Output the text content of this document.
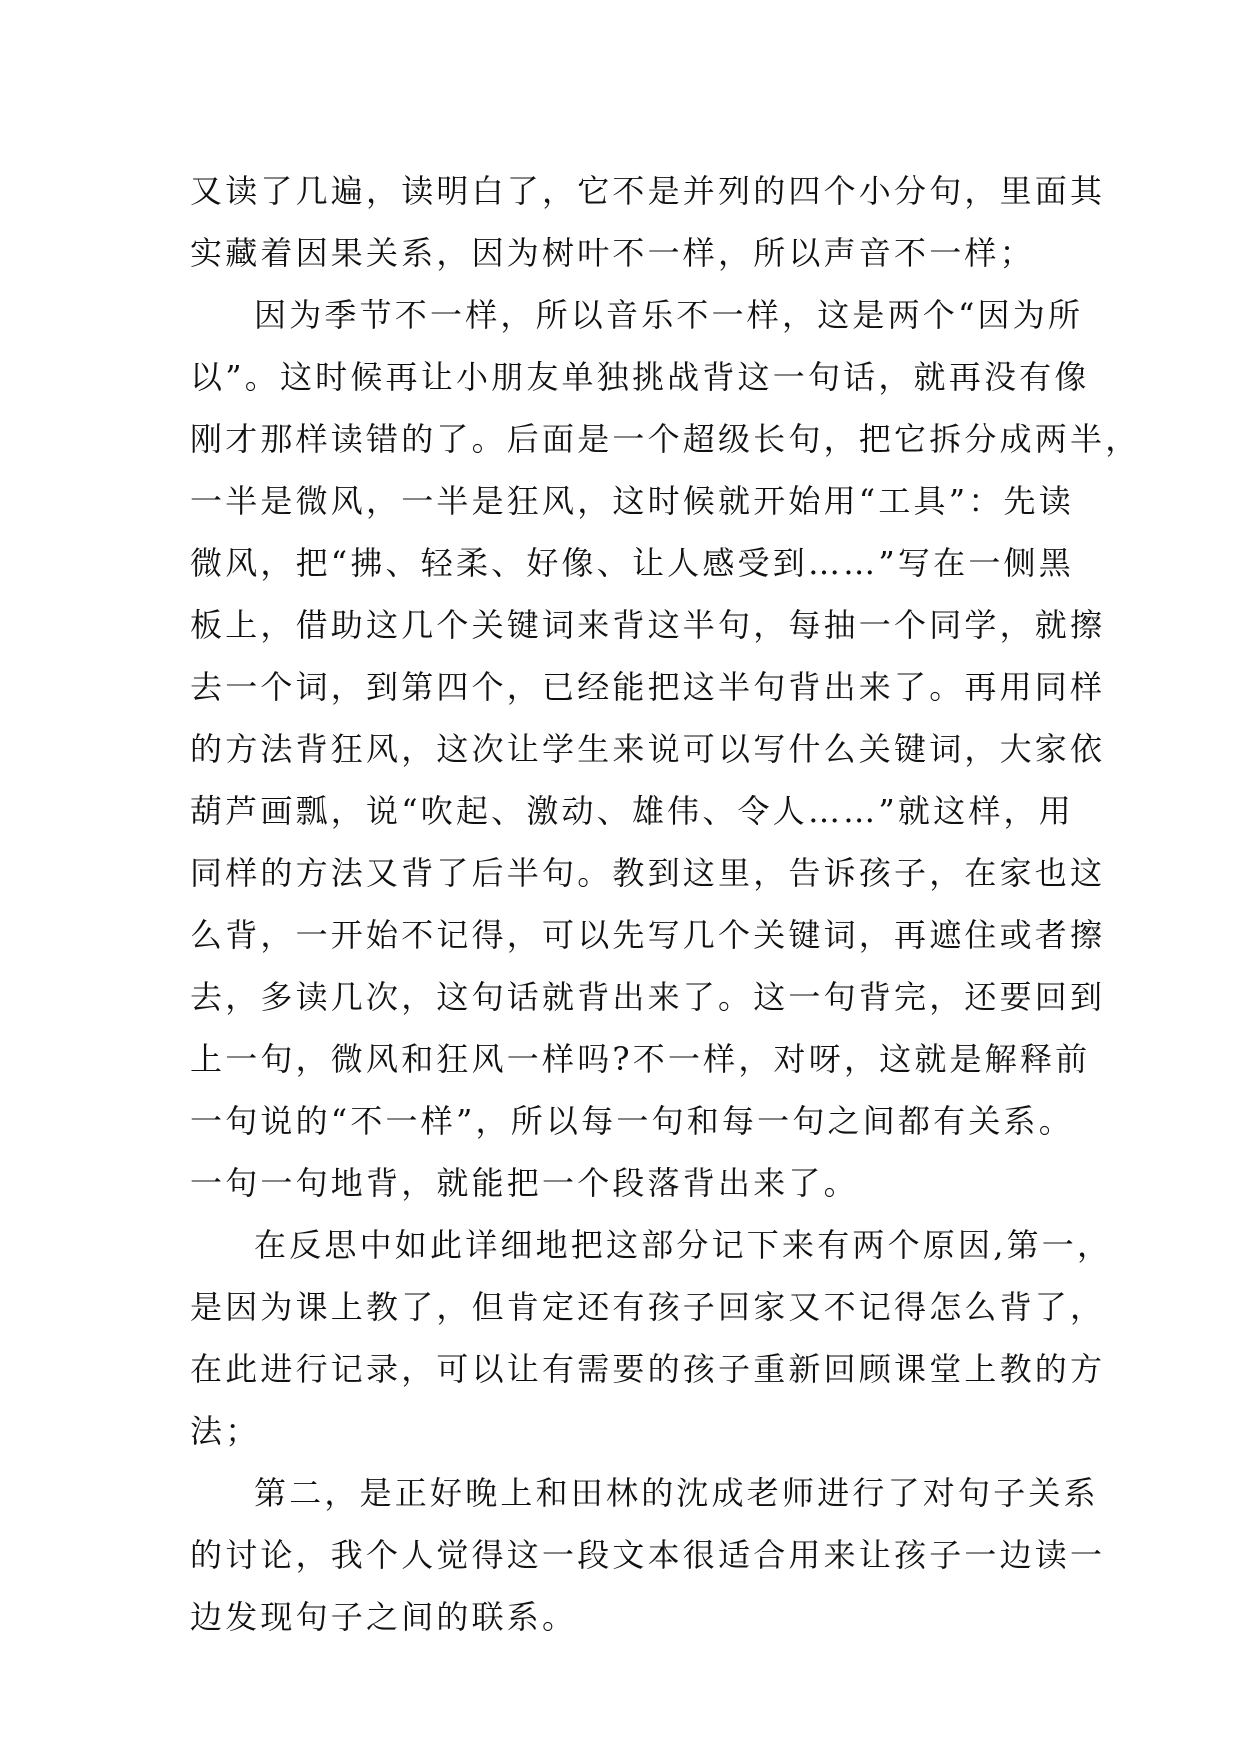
又读了几遍，读明白了，它不是并列的四个小分句，里面其
实藏着因果关系，因为树叶不一样，所以声音不一样；
因为季节不一样，所以音乐不一样，这是两个“因为所
以”。这时候再让小朋友单独挑战背这一句话，就再没有像
刚才那样读错的了。后面是一个超级长句，把它拆分成两半，
一半是微风，一半是狂风，这时候就开始用“工具”：先读
微风，把“拂、轻柔、好像、让人感受到……”写在一侧黑
板上，借助这几个关键词来背这半句，每抽一个同学，就擦
去一个词，到第四个，已经能把这半句背出来了。再用同样
的方法背狂风，这次让学生来说可以写什么关键词，大家依
葫芦画瓢，说“吹起、激动、雄伟、令人……”就这样，用
同样的方法又背了后半句。教到这里，告诉孩子，在家也这
么背，一开始不记得，可以先写几个关键词，再遮住或者擦
去，多读几次，这句话就背出来了。这一句背完，还要回到
上一句，微风和狂风一样吗?不一样，对呀，这就是解释前
一句说的“不一样”，所以每一句和每一句之间都有关系。
一句一句地背，就能把一个段落背出来了。
在反思中如此详细地把这部分记下来有两个原因,第一，
是因为课上教了，但肯定还有孩子回家又不记得怎么背了，
在此进行记录，可以让有需要的孩子重新回顾课堂上教的方
法；
第二，是正好晚上和田林的沈成老师进行了对句子关系
的讨论，我个人觉得这一段文本很适合用来让孩子一边读一
边发现句子之间的联系。
